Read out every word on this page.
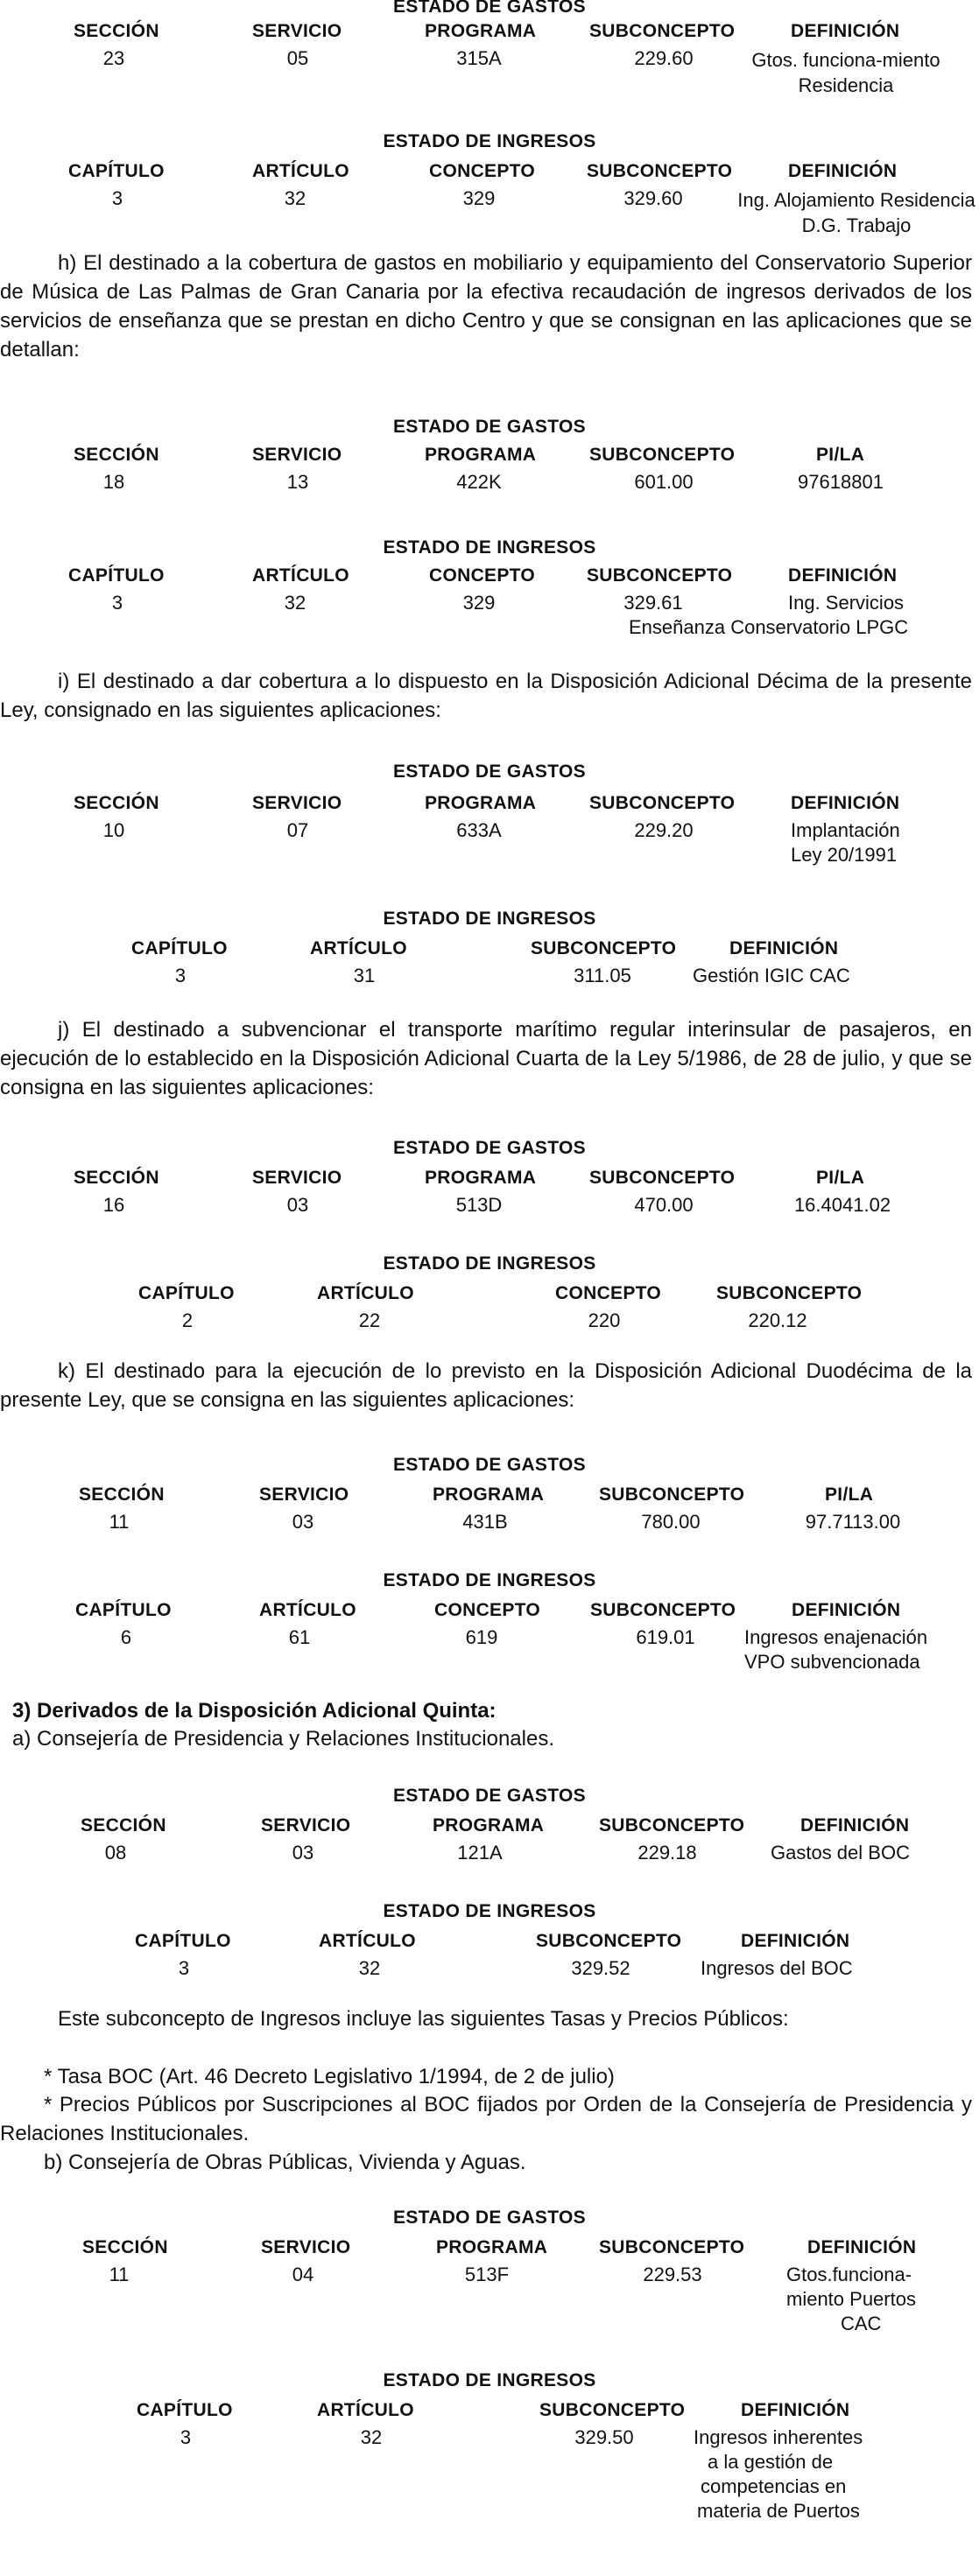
ESTADO DE GASTOS
SECCIÓN	SERVICIO	PROGRAMA	SUBCONCEPTO	DEFINICIÓN
23	05	315A	229.60	Gtos. funciona-miento Residencia
ESTADO DE INGRESOS
CAPÍTULO	ARTÍCULO	CONCEPTO	SUBCONCEPTO	DEFINICIÓN
3	32	329	329.60	Ing. Alojamiento Residencia D.G. Trabajo
h) El destinado a la cobertura de gastos en mobiliario y equipamiento del Conservatorio Superior de Música de Las Palmas de Gran Canaria por la efectiva recaudación de ingresos derivados de los servicios de enseñanza que se prestan en dicho Centro y que se consignan en las aplicaciones que se detallan:
ESTADO DE GASTOS
SECCIÓN	SERVICIO	PROGRAMA	SUBCONCEPTO	PI/LA
18	13	422K	601.00	97618801
ESTADO DE INGRESOS
CAPÍTULO	ARTÍCULO	CONCEPTO	SUBCONCEPTO	DEFINICIÓN
3	32	329	329.61	Ing. Servicios
Enseñanza Conservatorio LPGC
i) El destinado a dar cobertura a lo dispuesto en la Disposición Adicional Décima de la presente Ley, consignado en las siguientes aplicaciones:
ESTADO DE GASTOS
SECCIÓN	SERVICIO	PROGRAMA	SUBCONCEPTO	DEFINICIÓN
10	07	633A	229.20	Implantación
Ley 20/1991
ESTADO DE INGRESOS
CAPÍTULO	ARTÍCULO	SUBCONCEPTO	DEFINICIÓN
3	31	311.05	Gestión IGIC CAC
j) El destinado a subvencionar el transporte marítimo regular interinsular de pasajeros, en ejecución de lo establecido en la Disposición Adicional Cuarta de la Ley 5/1986, de 28 de julio, y que se consigna en las siguientes aplicaciones:
ESTADO DE GASTOS
SECCIÓN	SERVICIO	PROGRAMA	SUBCONCEPTO	PI/LA
16	03	513D	470.00	16.4041.02
ESTADO DE INGRESOS
CAPÍTULO	ARTÍCULO	CONCEPTO	SUBCONCEPTO
2	22	220	220.12
k) El destinado para la ejecución de lo previsto en la Disposición Adicional Duodécima de la presente Ley, que se consigna en las siguientes aplicaciones:
ESTADO DE GASTOS
SECCIÓN	SERVICIO	PROGRAMA	SUBCONCEPTO	PI/LA
11	03	431B	780.00	97.7113.00
ESTADO DE INGRESOS
CAPÍTULO	ARTÍCULO	CONCEPTO	SUBCONCEPTO	DEFINICIÓN
6	61	619	619.01	Ingresos enajenación
VPO subvencionada
3) Derivados de la Disposición Adicional Quinta:
a) Consejería de Presidencia y Relaciones Institucionales.
ESTADO DE GASTOS
SECCIÓN	SERVICIO	PROGRAMA	SUBCONCEPTO	DEFINICIÓN
08	03	121A	229.18	Gastos del BOC
ESTADO DE INGRESOS
CAPÍTULO	ARTÍCULO	SUBCONCEPTO	DEFINICIÓN
3	32	329.52	Ingresos del BOC
Este subconcepto de Ingresos incluye las siguientes Tasas y Precios Públicos:
* Tasa BOC (Art. 46 Decreto Legislativo 1/1994, de 2 de julio)
* Precios Públicos por Suscripciones al BOC fijados por Orden de la Consejería de Presidencia y Relaciones Institucionales.
b) Consejería de Obras Públicas, Vivienda y Aguas.
ESTADO DE GASTOS
SECCIÓN	SERVICIO	PROGRAMA	SUBCONCEPTO	DEFINICIÓN
11	04	513F	229.53	Gtos.funciona-
miento Puertos
CAC
ESTADO DE INGRESOS
CAPÍTULO	ARTÍCULO	SUBCONCEPTO	DEFINICIÓN
3	32	329.50	Ingresos inherentes
a la gestión de
competencias en
materia de Puertos
